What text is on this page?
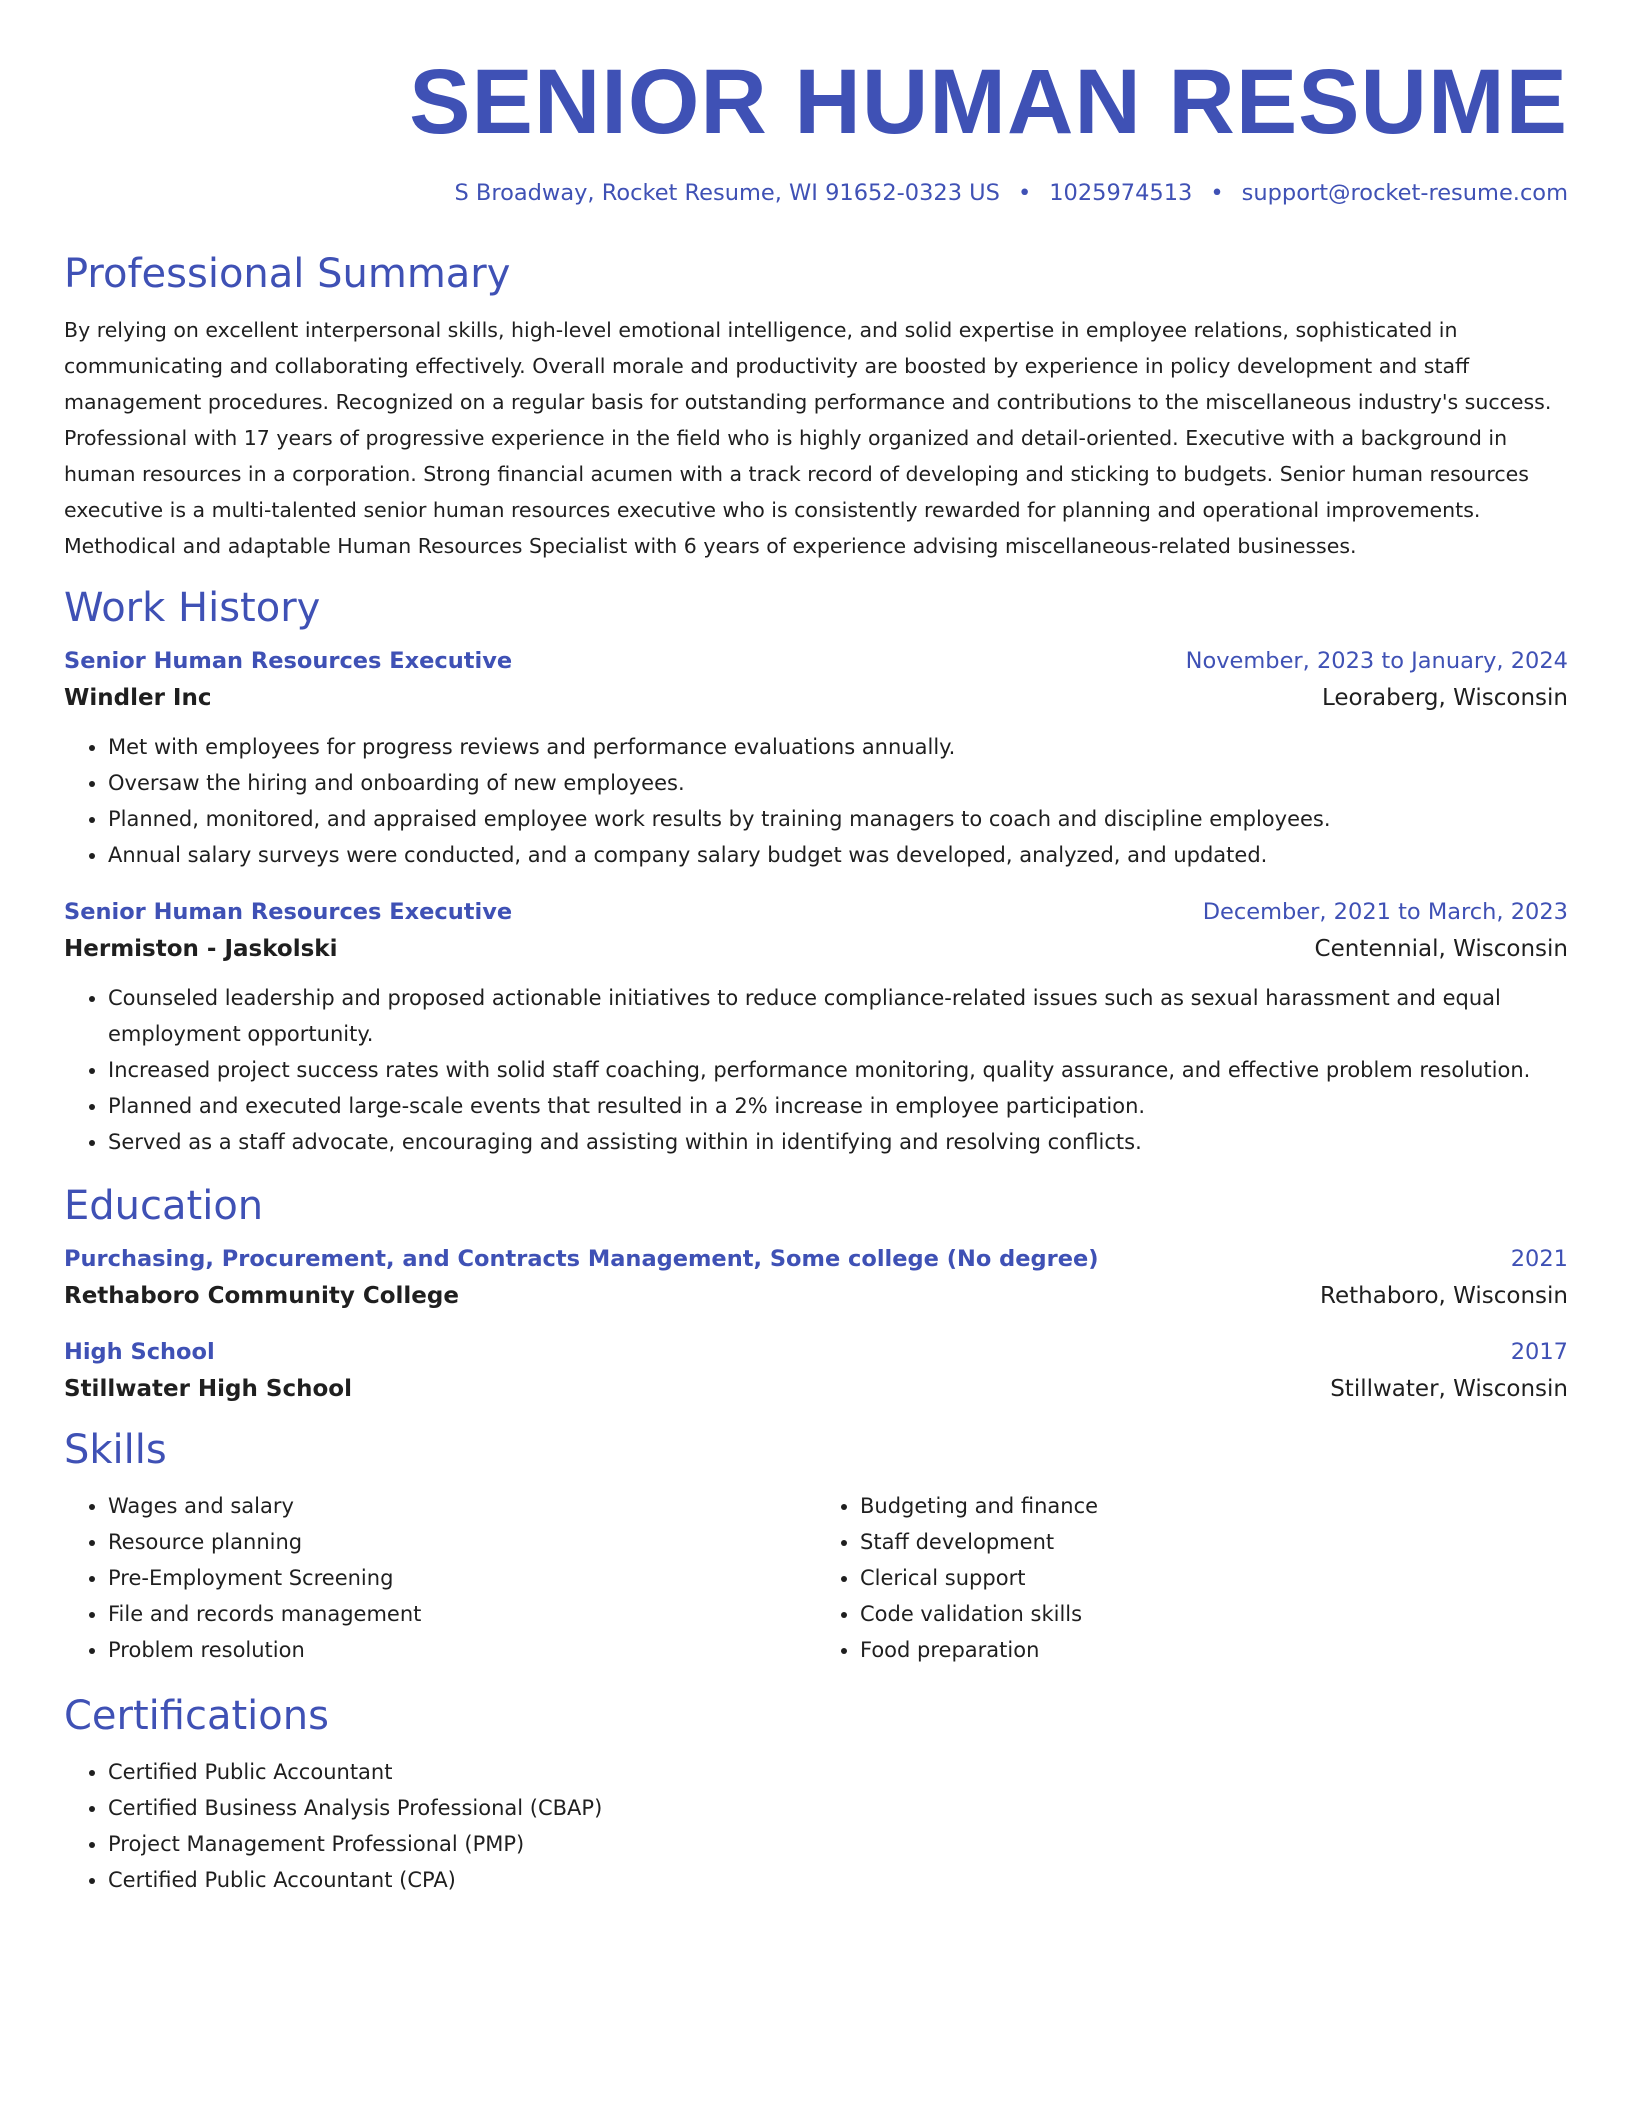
SENIOR HUMAN RESUME
S Broadway, Rocket Resume, WI 91652-0323 US • 1025974513 • support@rocket-resume.com
Professional Summary

By relying on excellent interpersonal skills, high-level emotional intelligence, and solid expertise in employee relations, sophisticated in communicating and collaborating effectively. Overall morale and productivity are boosted by experience in policy development and staff management procedures. Recognized on a regular basis for outstanding performance and contributions to the miscellaneous industry's success. Professional with 17 years of progressive experience in the field who is highly organized and detail-oriented. Executive with a background in human resources in a corporation. Strong financial acumen with a track record of developing and sticking to budgets. Senior human resources executive is a multi-talented senior human resources executive who is consistently rewarded for planning and operational improvements. Methodical and adaptable Human Resources Specialist with 6 years of experience advising miscellaneous-related businesses.

Work History
Senior Human Resources Executive	November, 2023 to January, 2024
Windler Inc	Leoraberg, Wisconsin
• Met with employees for progress reviews and performance evaluations annually.
• Oversaw the hiring and onboarding of new employees.
• Planned, monitored, and appraised employee work results by training managers to coach and discipline employees.
• Annual salary surveys were conducted, and a company salary budget was developed, analyzed, and updated.
Senior Human Resources Executive	December, 2021 to March, 2023
Hermiston - Jaskolski	Centennial, Wisconsin
• Counseled leadership and proposed actionable initiatives to reduce compliance-related issues such as sexual harassment and equal employment opportunity.
• Increased project success rates with solid staff coaching, performance monitoring, quality assurance, and effective problem resolution.
• Planned and executed large-scale events that resulted in a 2% increase in employee participation.
• Served as a staff advocate, encouraging and assisting within in identifying and resolving conflicts.
Education
Purchasing, Procurement, and Contracts Management, Some college (No degree)	2021
Rethaboro Community College	Rethaboro, Wisconsin
High School	2017
Stillwater High School	Stillwater, Wisconsin
Skills
• Wages and salary
• Resource planning
• Pre-Employment Screening
• File and records management
• Problem resolution
• Budgeting and finance
• Staff development
• Clerical support
• Code validation skills
• Food preparation
Certifications
• Certified Public Accountant
• Certified Business Analysis Professional (CBAP)
• Project Management Professional (PMP)
• Certified Public Accountant (CPA)
